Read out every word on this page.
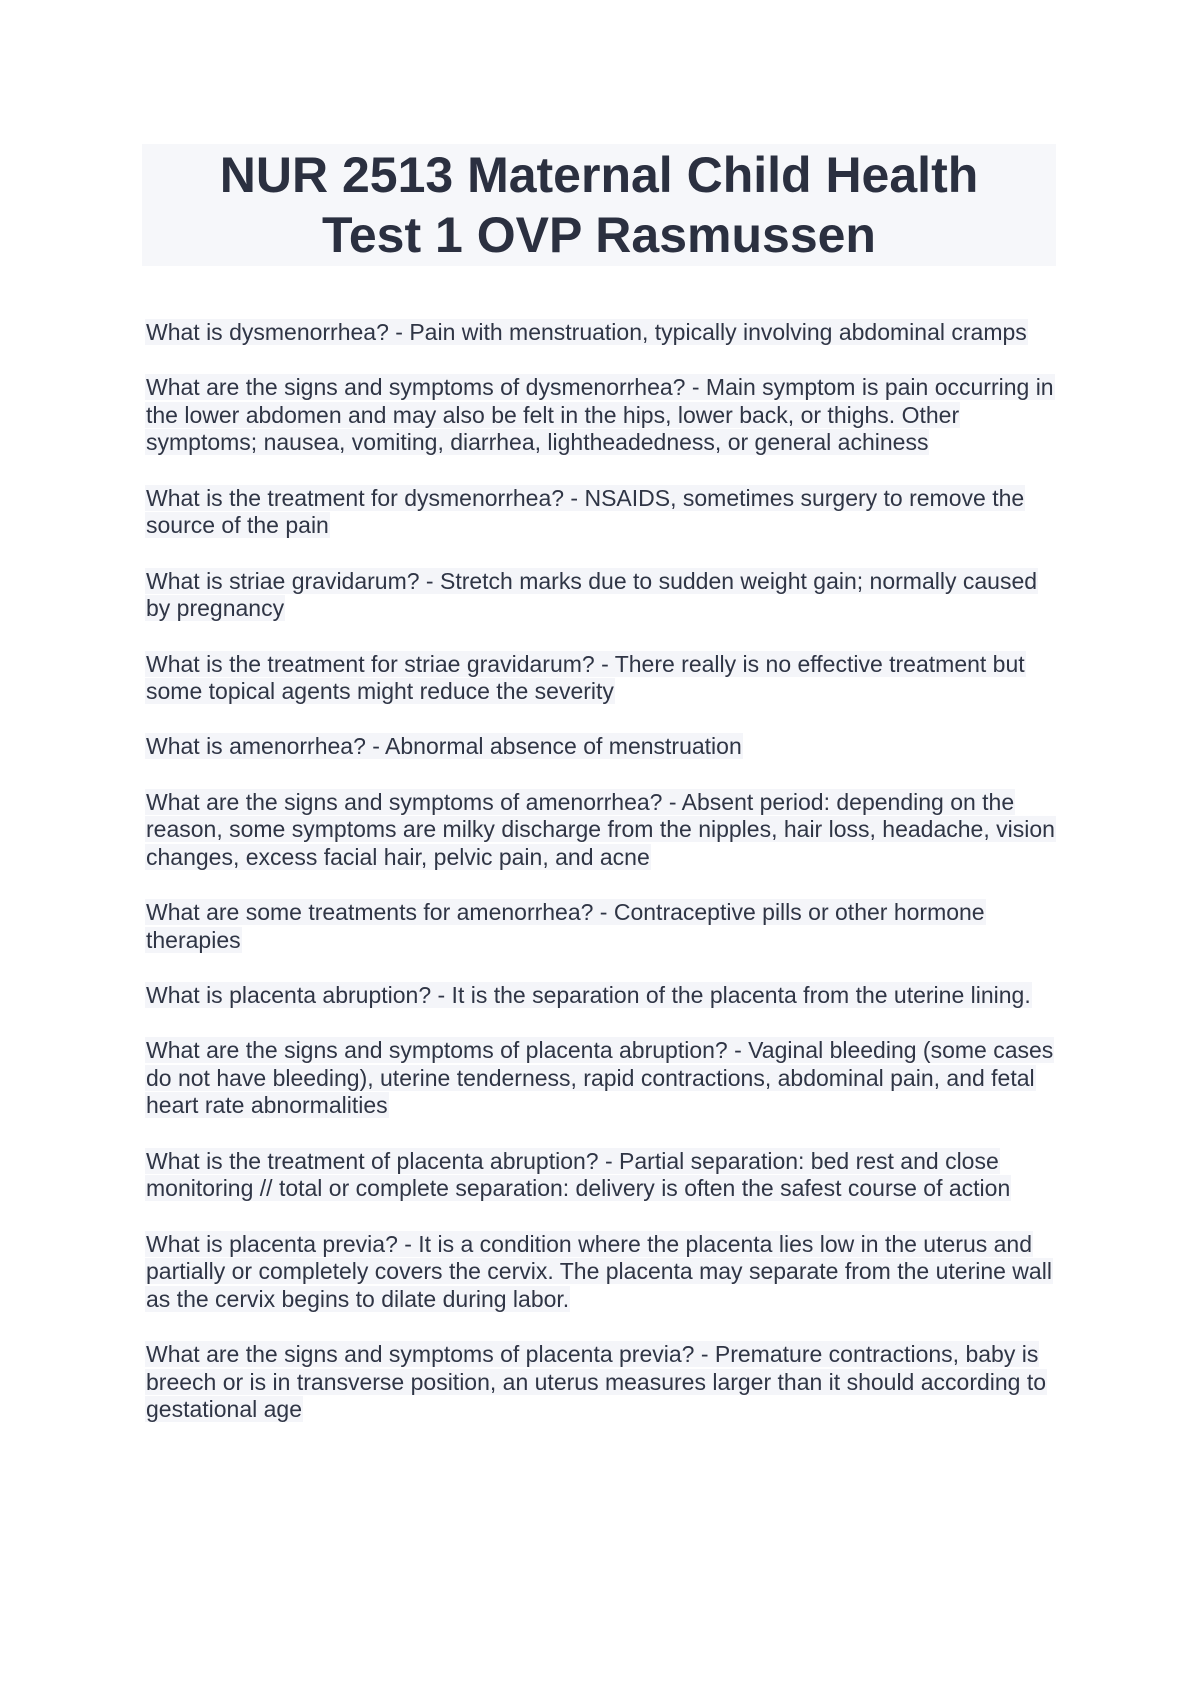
NUR 2513 Maternal Child Health
Test 1 OVP Rasmussen
What is dysmenorrhea? - Pain with menstruation, typically involving abdominal cramps
What are the signs and symptoms of dysmenorrhea? - Main symptom is pain occurring in the lower abdomen and may also be felt in the hips, lower back, or thighs. Other symptoms; nausea, vomiting, diarrhea, lightheadedness, or general achiness
What is the treatment for dysmenorrhea? - NSAIDS, sometimes surgery to remove the source of the pain
What is striae gravidarum? - Stretch marks due to sudden weight gain; normally caused by pregnancy
What is the treatment for striae gravidarum? - There really is no effective treatment but some topical agents might reduce the severity
What is amenorrhea? - Abnormal absence of menstruation
What are the signs and symptoms of amenorrhea? - Absent period: depending on the reason, some symptoms are milky discharge from the nipples, hair loss, headache, vision changes, excess facial hair, pelvic pain, and acne
What are some treatments for amenorrhea? - Contraceptive pills or other hormone therapies
What is placenta abruption? - It is the separation of the placenta from the uterine lining.
What are the signs and symptoms of placenta abruption? - Vaginal bleeding (some cases do not have bleeding), uterine tenderness, rapid contractions, abdominal pain, and fetal heart rate abnormalities
What is the treatment of placenta abruption? - Partial separation: bed rest and close monitoring // total or complete separation: delivery is often the safest course of action
What is placenta previa? - It is a condition where the placenta lies low in the uterus and partially or completely covers the cervix. The placenta may separate from the uterine wall as the cervix begins to dilate during labor.
What are the signs and symptoms of placenta previa? - Premature contractions, baby is breech or is in transverse position, an uterus measures larger than it should according to gestational age
